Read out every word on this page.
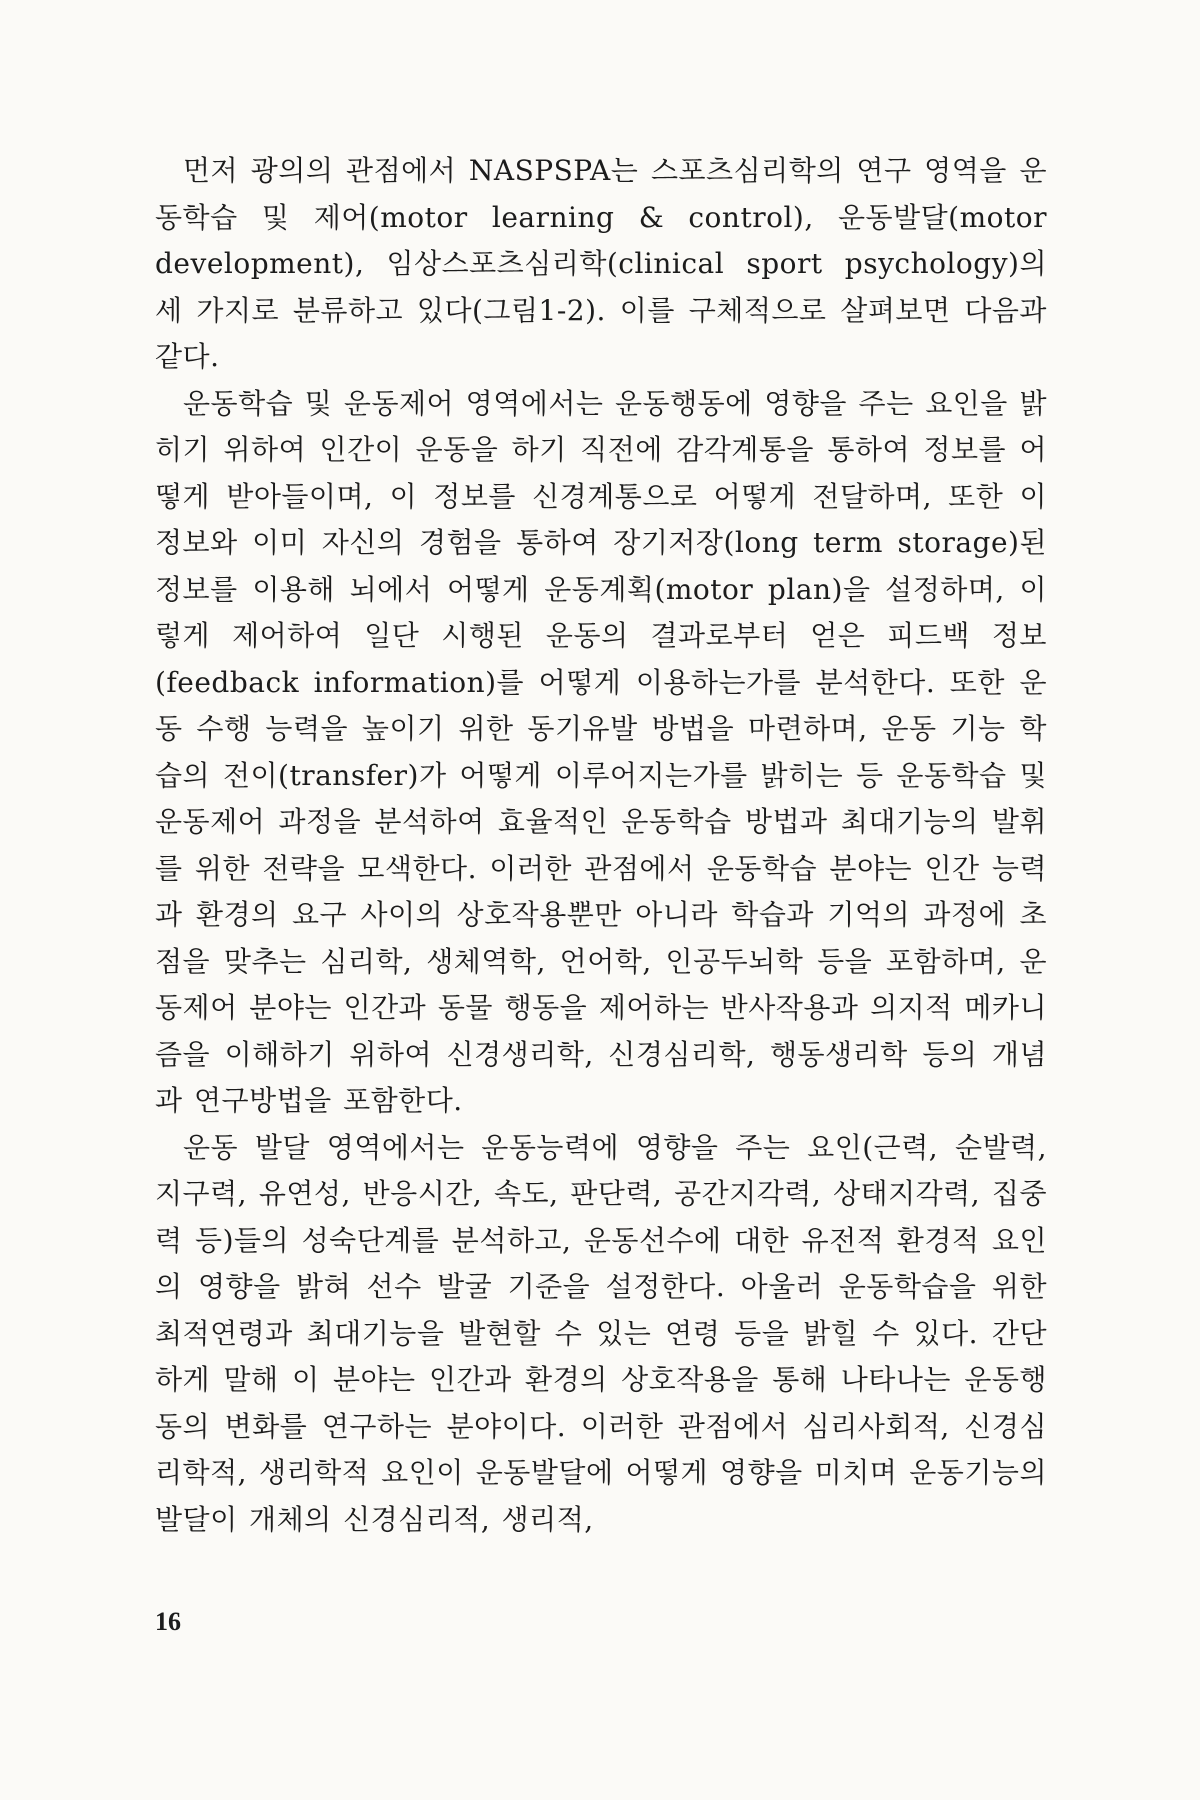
먼저 광의의 관점에서 NASPSPA는 스포츠심리학의 연구 영역을 운동학습 및 제어(motor learning & control), 운동발달(motor development), 임상스포츠심리학(clinical sport psychology)의 세 가지로 분류하고 있다(그림1-2). 이를 구체적으로 살펴보면 다음과 같다.

운동학습 및 운동제어 영역에서는 운동행동에 영향을 주는 요인을 밝히기 위하여 인간이 운동을 하기 직전에 감각계통을 통하여 정보를 어떻게 받아들이며, 이 정보를 신경계통으로 어떻게 전달하며, 또한 이 정보와 이미 자신의 경험을 통하여 장기저장(long term storage)된 정보를 이용해 뇌에서 어떻게 운동계획(motor plan)을 설정하며, 이렇게 제어하여 일단 시행된 운동의 결과로부터 얻은 피드백 정보(feedback information)를 어떻게 이용하는가를 분석한다. 또한 운동 수행 능력을 높이기 위한 동기유발 방법을 마련하며, 운동 기능 학습의 전이(transfer)가 어떻게 이루어지는가를 밝히는 등 운동학습 및 운동제어 과정을 분석하여 효율적인 운동학습 방법과 최대기능의 발휘를 위한 전략을 모색한다. 이러한 관점에서 운동학습 분야는 인간 능력과 환경의 요구 사이의 상호작용뿐만 아니라 학습과 기억의 과정에 초점을 맞추는 심리학, 생체역학, 언어학, 인공두뇌학 등을 포함하며, 운동제어 분야는 인간과 동물 행동을 제어하는 반사작용과 의지적 메카니즘을 이해하기 위하여 신경생리학, 신경심리학, 행동생리학 등의 개념과 연구방법을 포함한다.

운동 발달 영역에서는 운동능력에 영향을 주는 요인(근력, 순발력, 지구력, 유연성, 반응시간, 속도, 판단력, 공간지각력, 상태지각력, 집중력 등)들의 성숙단계를 분석하고, 운동선수에 대한 유전적 환경적 요인의 영향을 밝혀 선수 발굴 기준을 설정한다. 아울러 운동학습을 위한 최적연령과 최대기능을 발현할 수 있는 연령 등을 밝힐 수 있다. 간단하게 말해 이 분야는 인간과 환경의 상호작용을 통해 나타나는 운동행동의 변화를 연구하는 분야이다. 이러한 관점에서 심리사회적, 신경심리학적, 생리학적 요인이 운동발달에 어떻게 영향을 미치며 운동기능의 발달이 개체의 신경심리적, 생리적,

16
